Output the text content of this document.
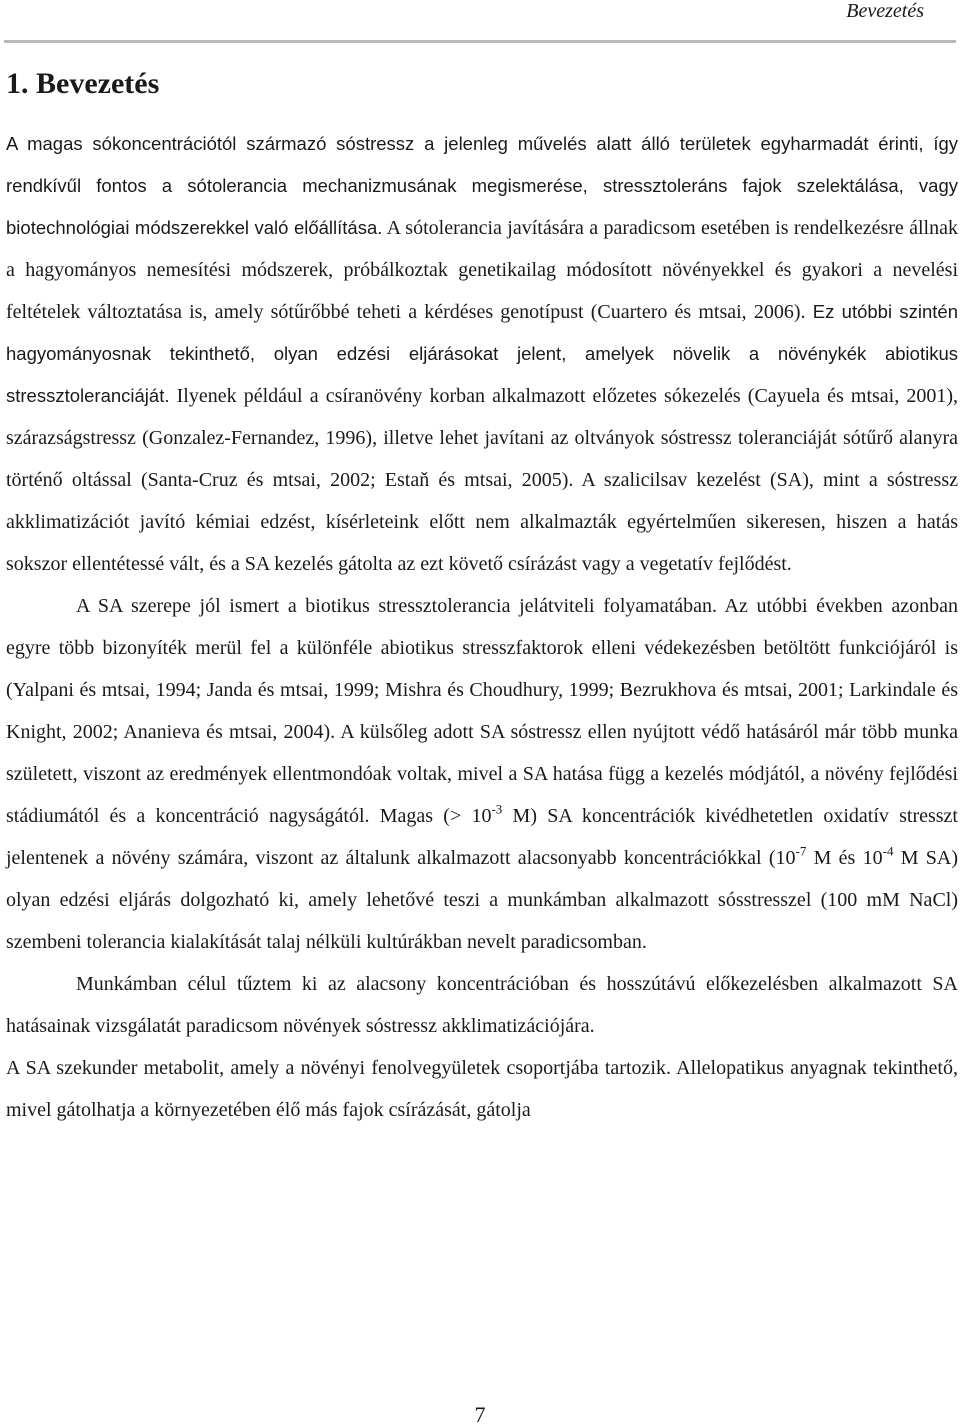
Bevezetés
1. Bevezetés

A magas sókoncentrációtól származó sóstressz a jelenleg művelés alatt álló területek egyharmadát érinti, így rendkívűl fontos a sótolerancia mechanizmusának megismerése, stressztoleráns fajok szelektálása, vagy biotechnológiai módszerekkel való előállítása. A sótolerancia javítására a paradicsom esetében is rendelkezésre állnak a hagyományos nemesítési módszerek, próbálkoztak genetikailag módosított növényekkel és gyakori a nevelési feltételek változtatása is, amely sótűrőbbé teheti a kérdéses genotípust (Cuartero és mtsai, 2006). Ez utóbbi szintén hagyományosnak tekinthető, olyan edzési eljárásokat jelent, amelyek növelik a növénykék abiotikus stressztoleranciáját. Ilyenek például a csíranövény korban alkalmazott előzetes sókezelés (Cayuela és mtsai, 2001), szárazságstressz (Gonzalez-Fernandez, 1996), illetve lehet javítani az oltványok sóstressz toleranciáját sótűrő alanyra történő oltással (Santa-Cruz és mtsai, 2002; Estaň és mtsai, 2005). A szalicilsav kezelést (SA), mint a sóstressz akklimatizációt javító kémiai edzést, kísérleteink előtt nem alkalmazták egyértelműen sikeresen, hiszen a hatás sokszor ellentétessé vált, és a SA kezelés gátolta az ezt követő csírázást vagy a vegetatív fejlődést.

A SA szerepe jól ismert a biotikus stressztolerancia jelátviteli folyamatában. Az utóbbi években azonban egyre több bizonyíték merül fel a különféle abiotikus stresszfaktorok elleni védekezésben betöltött funkciójáról is (Yalpani és mtsai, 1994; Janda és mtsai, 1999; Mishra és Choudhury, 1999; Bezrukhova és mtsai, 2001; Larkindale és Knight, 2002; Ananieva és mtsai, 2004). A külsőleg adott SA sóstressz ellen nyújtott védő hatásáról már több munka született, viszont az eredmények ellentmondóak voltak, mivel a SA hatása függ a kezelés módjától, a növény fejlődési stádiumától és a koncentráció nagyságától. Magas (> $10^{-3}$ M) SA koncentrációk kivédhetetlen oxidatív stresszt jelentenek a növény számára, viszont az általunk alkalmazott alacsonyabb koncentrációkkal ($10^{-7}$ M és $10^{-4}$ M SA) olyan edzési eljárás dolgozható ki, amely lehetővé teszi a munkámban alkalmazott sósstresszel (100 mM NaCl) szembeni tolerancia kialakítását talaj nélküli kultúrákban nevelt paradicsomban.

Munkámban célul tűztem ki az alacsony koncentrációban és hosszútávú előkezelésben alkalmazott SA hatásainak vizsgálatát paradicsom növények sóstressz akklimatizációjára.

A SA szekunder metabolit, amely a növényi fenolvegyületek csoportjába tartozik. Allelopatikus anyagnak tekinthető, mivel gátolhatja a környezetében élő más fajok csírázását, gátolja

7
